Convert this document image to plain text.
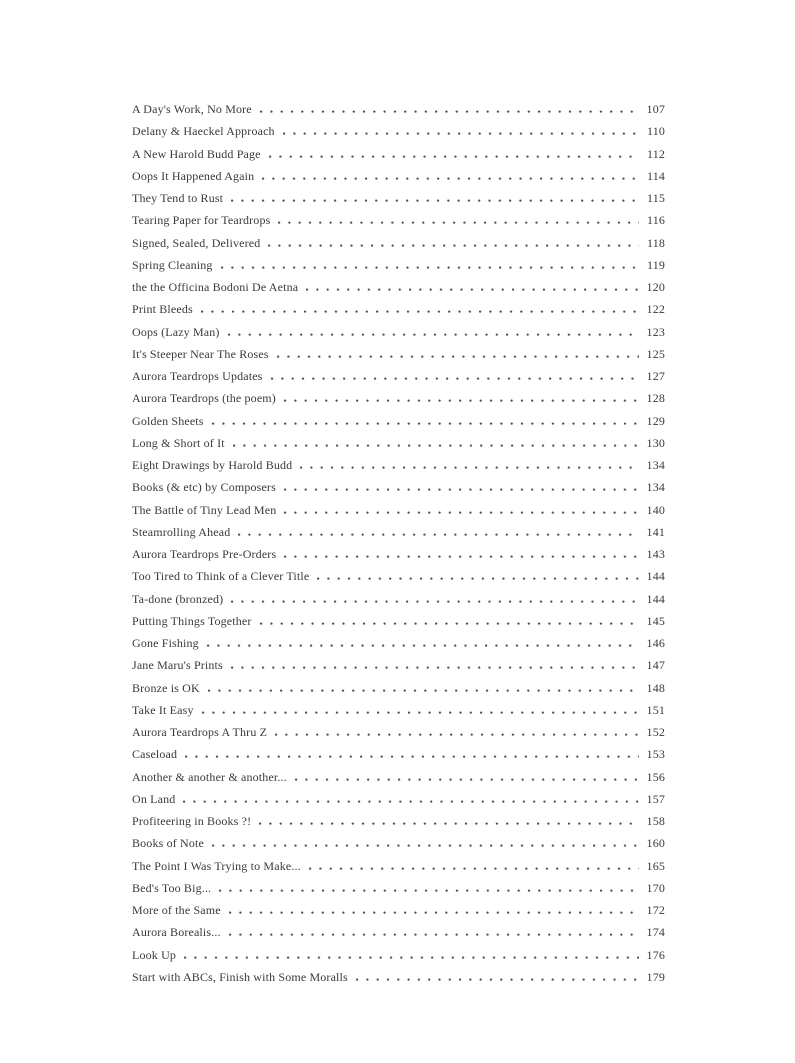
A Day's Work, No More	107
Delany & Haeckel Approach	110
A New Harold Budd Page	112
Oops It Happened Again	114
They Tend to Rust	115
Tearing Paper for Teardrops	116
Signed, Sealed, Delivered	118
Spring Cleaning	119
the the Officina Bodoni De Aetna	120
Print Bleeds	122
Oops (Lazy Man)	123
It's Steeper Near The Roses	125
Aurora Teardrops Updates	127
Aurora Teardrops (the poem)	128
Golden Sheets	129
Long & Short of It	130
Eight Drawings by Harold Budd	134
Books (& etc) by Composers	134
The Battle of Tiny Lead Men	140
Steamrolling Ahead	141
Aurora Teardrops Pre-Orders	143
Too Tired to Think of a Clever Title	144
Ta-done (bronzed)	144
Putting Things Together	145
Gone Fishing	146
Jane Maru's Prints	147
Bronze is OK	148
Take It Easy	151
Aurora Teardrops A Thru Z	152
Caseload	153
Another & another & another...	156
On Land	157
Profiteering in Books ?!	158
Books of Note	160
The Point I Was Trying to Make...	165
Bed's Too Big...	170
More of the Same	172
Aurora Borealis...	174
Look Up	176
Start with ABCs, Finish with Some Moralls	179
